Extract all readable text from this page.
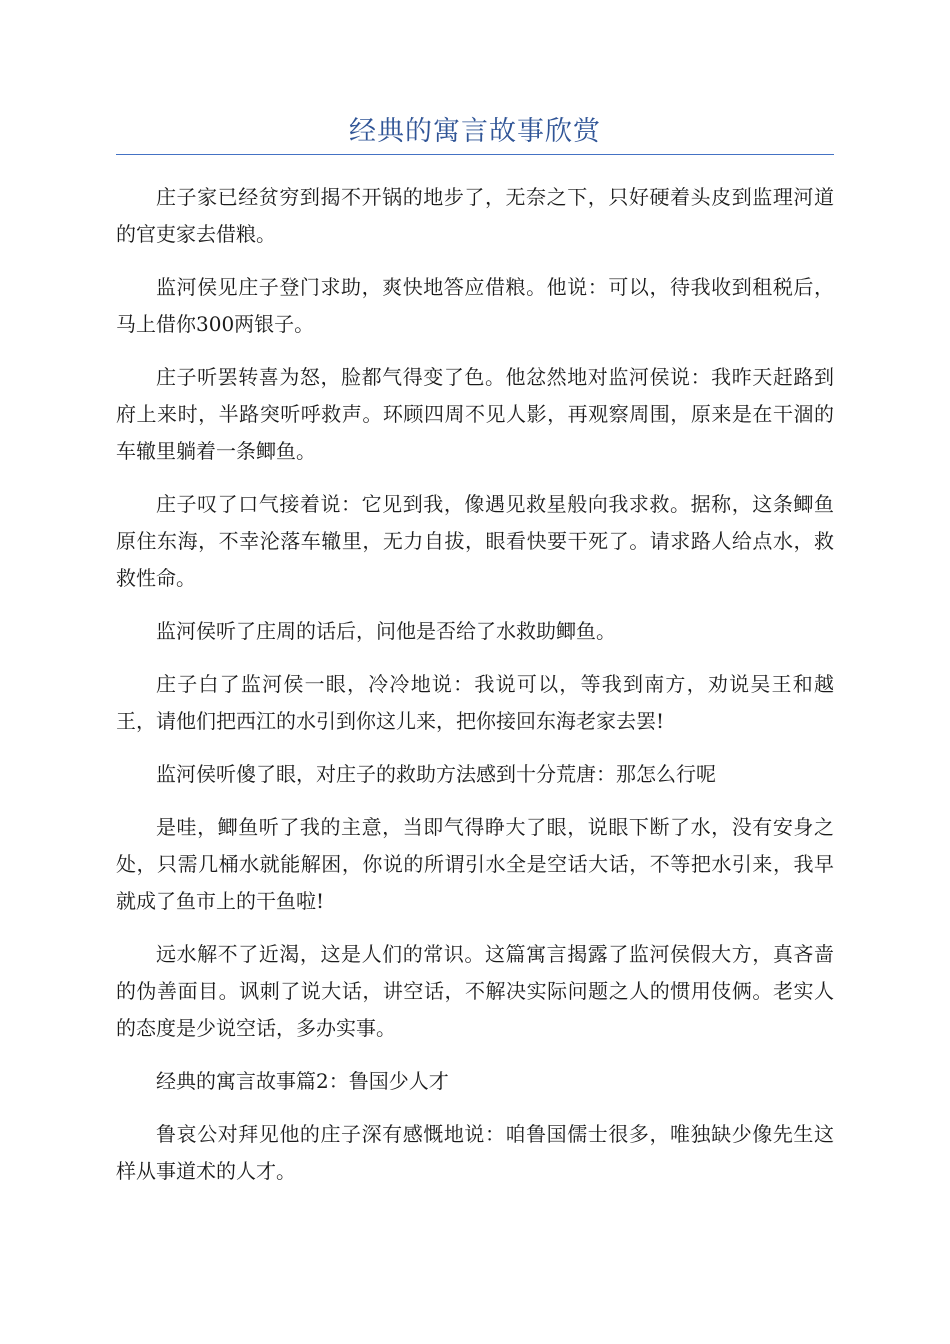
经典的寓言故事欣赏

庄子家已经贫穷到揭不开锅的地步了，无奈之下，只好硬着头皮到监理河道的官吏家去借粮。

监河侯见庄子登门求助，爽快地答应借粮。他说：可以，待我收到租税后，马上借你300两银子。

庄子听罢转喜为怒，脸都气得变了色。他忿然地对监河侯说：我昨天赶路到府上来时，半路突听呼救声。环顾四周不见人影，再观察周围，原来是在干涸的车辙里躺着一条鲫鱼。

庄子叹了口气接着说：它见到我，像遇见救星般向我求救。据称，这条鲫鱼原住东海，不幸沦落车辙里，无力自拔，眼看快要干死了。请求路人给点水，救救性命。

监河侯听了庄周的话后，问他是否给了水救助鲫鱼。

庄子白了监河侯一眼，冷冷地说：我说可以，等我到南方，劝说吴王和越王，请他们把西江的水引到你这儿来，把你接回东海老家去罢!

监河侯听傻了眼，对庄子的救助方法感到十分荒唐：那怎么行呢

是哇，鲫鱼听了我的主意，当即气得睁大了眼，说眼下断了水，没有安身之处，只需几桶水就能解困，你说的所谓引水全是空话大话，不等把水引来，我早就成了鱼市上的干鱼啦!

远水解不了近渴，这是人们的常识。这篇寓言揭露了监河侯假大方，真吝啬的伪善面目。讽刺了说大话，讲空话，不解决实际问题之人的惯用伎俩。老实人的态度是少说空话，多办实事。

经典的寓言故事篇2：鲁国少人才

鲁哀公对拜见他的庄子深有感慨地说：咱鲁国儒士很多，唯独缺少像先生这样从事道术的人才。
